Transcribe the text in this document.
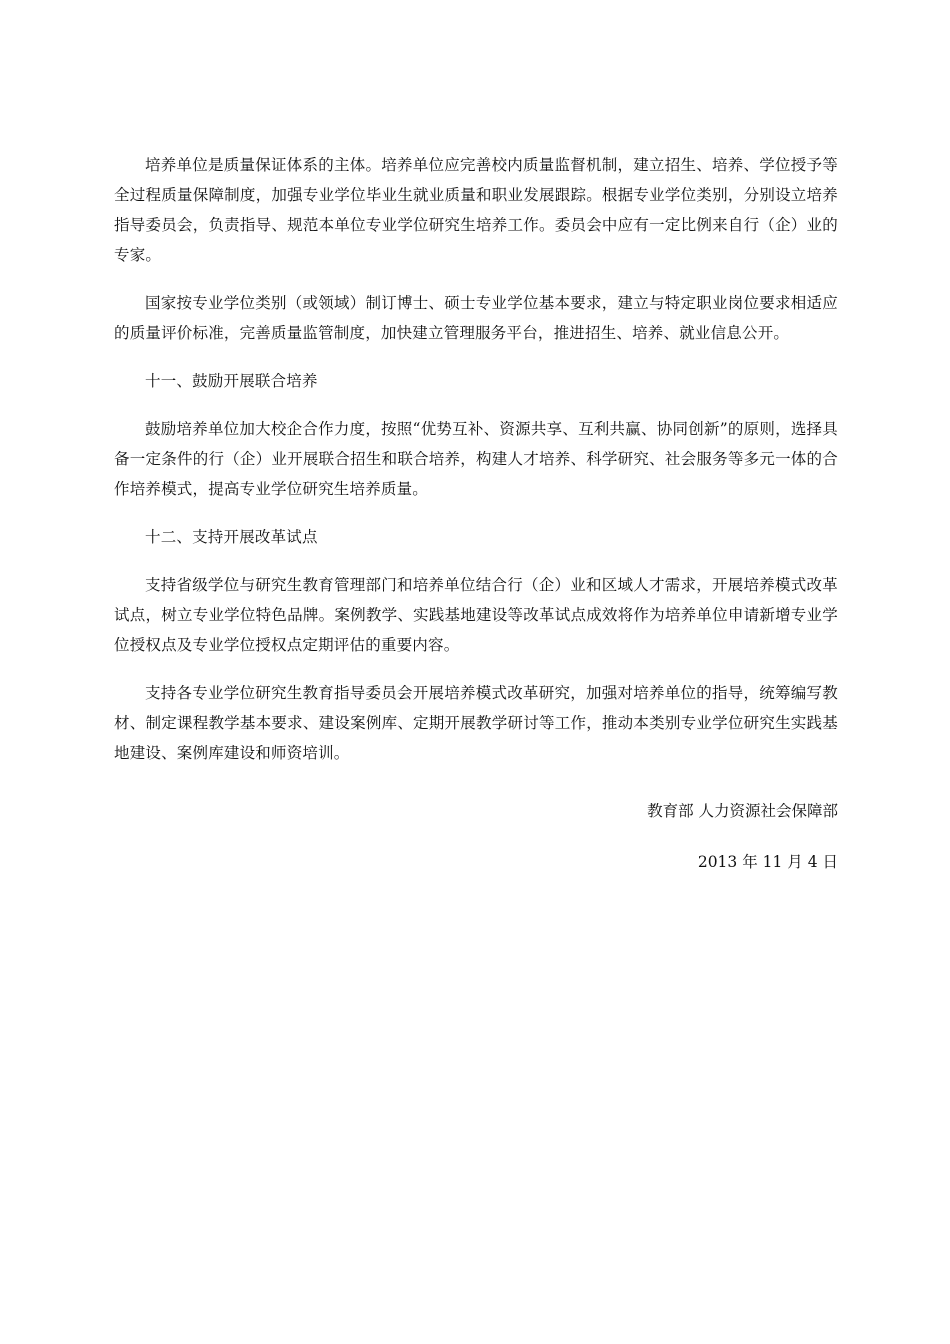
培养单位是质量保证体系的主体。培养单位应完善校内质量监督机制，建立招生、培养、学位授予等全过程质量保障制度，加强专业学位毕业生就业质量和职业发展跟踪。根据专业学位类别，分别设立培养指导委员会，负责指导、规范本单位专业学位研究生培养工作。委员会中应有一定比例来自行（企）业的专家。

国家按专业学位类别（或领域）制订博士、硕士专业学位基本要求，建立与特定职业岗位要求相适应的质量评价标准，完善质量监管制度，加快建立管理服务平台，推进招生、培养、就业信息公开。

十一、鼓励开展联合培养

鼓励培养单位加大校企合作力度，按照“优势互补、资源共享、互利共赢、协同创新”的原则，选择具备一定条件的行（企）业开展联合招生和联合培养，构建人才培养、科学研究、社会服务等多元一体的合作培养模式，提高专业学位研究生培养质量。

十二、支持开展改革试点

支持省级学位与研究生教育管理部门和培养单位结合行（企）业和区域人才需求，开展培养模式改革试点，树立专业学位特色品牌。案例教学、实践基地建设等改革试点成效将作为培养单位申请新增专业学位授权点及专业学位授权点定期评估的重要内容。

支持各专业学位研究生教育指导委员会开展培养模式改革研究，加强对培养单位的指导，统筹编写教材、制定课程教学基本要求、建设案例库、定期开展教学研讨等工作，推动本类别专业学位研究生实践基地建设、案例库建设和师资培训。

教育部 人力资源社会保障部
2013 年 11 月 4 日
